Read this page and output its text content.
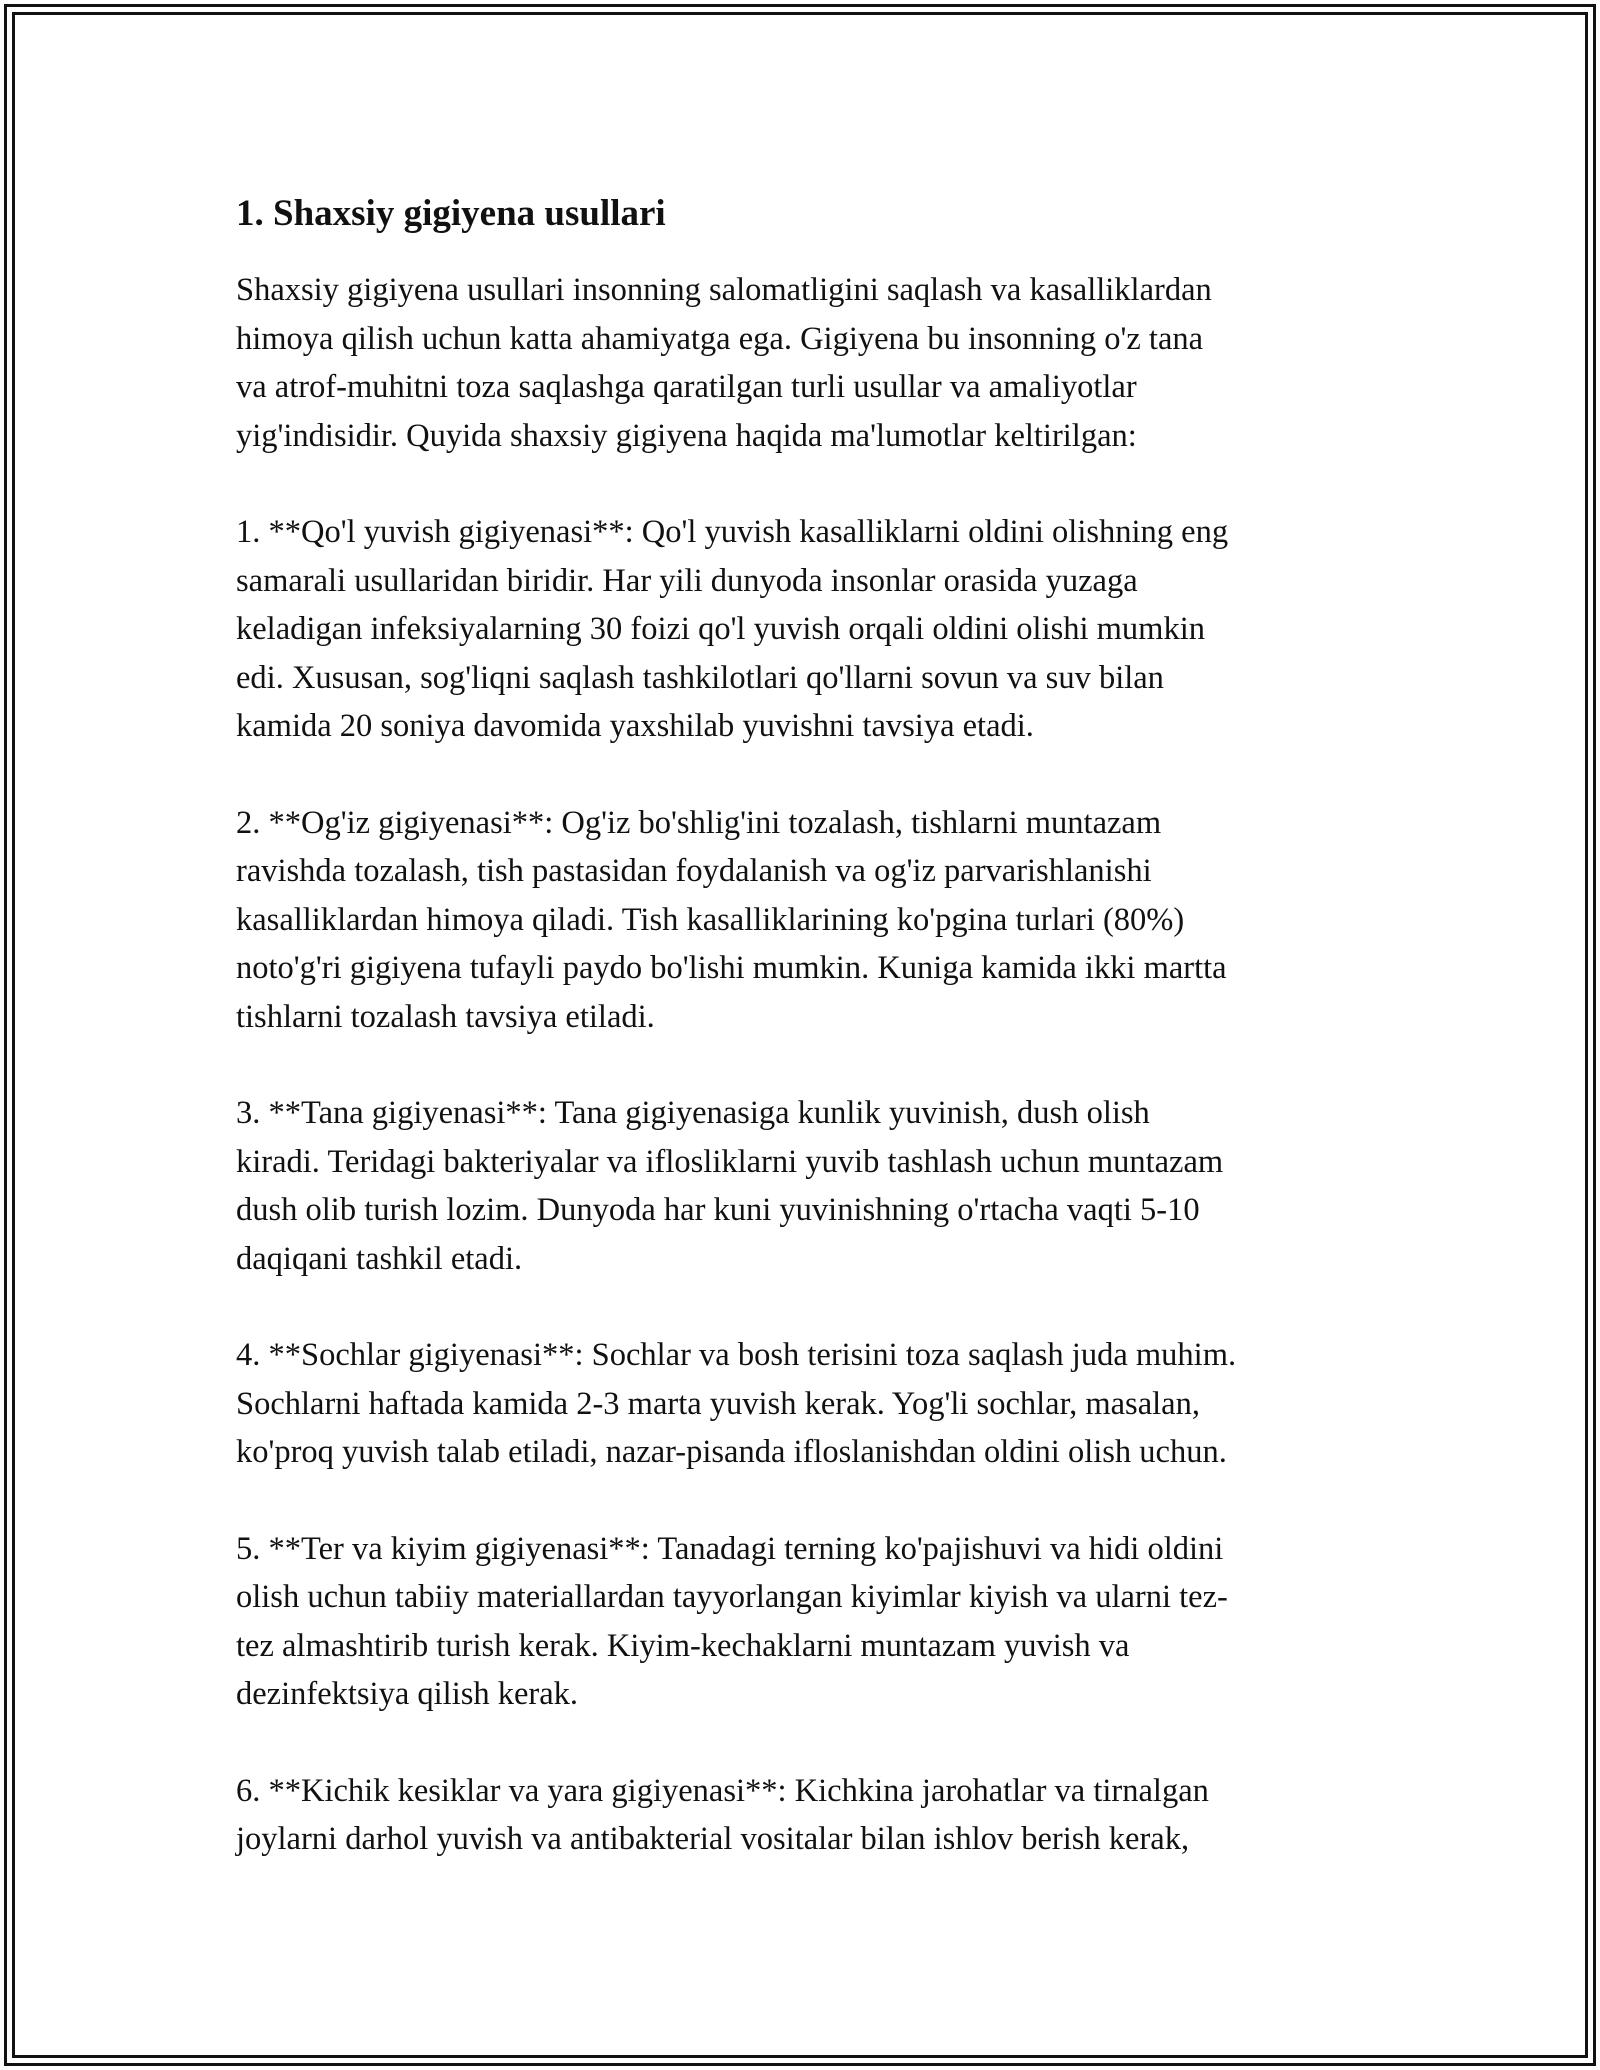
1. Shaxsiy gigiyena usullari

Shaxsiy gigiyena usullari insonning salomatligini saqlash va kasalliklardan
himoya qilish uchun katta ahamiyatga ega. Gigiyena bu insonning o'z tana
va atrof-muhitni toza saqlashga qaratilgan turli usullar va amaliyotlar
yig'indisidir. Quyida shaxsiy gigiyena haqida ma'lumotlar keltirilgan:

1. **Qo'l yuvish gigiyenasi**: Qo'l yuvish kasalliklarni oldini olishning eng
samarali usullaridan biridir. Har yili dunyoda insonlar orasida yuzaga
keladigan infeksiyalarning 30 foizi qo'l yuvish orqali oldini olishi mumkin
edi. Xususan, sog'liqni saqlash tashkilotlari qo'llarni sovun va suv bilan
kamida 20 soniya davomida yaxshilab yuvishni tavsiya etadi.

2. **Og'iz gigiyenasi**: Og'iz bo'shlig'ini tozalash, tishlarni muntazam
ravishda tozalash, tish pastasidan foydalanish va og'iz parvarishlanishi
kasalliklardan himoya qiladi. Tish kasalliklarining ko'pgina turlari (80%)
noto'g'ri gigiyena tufayli paydo bo'lishi mumkin. Kuniga kamida ikki martta
tishlarni tozalash tavsiya etiladi.

3. **Tana gigiyenasi**: Tana gigiyenasiga kunlik yuvinish, dush olish
kiradi. Teridagi bakteriyalar va iflosliklarni yuvib tashlash uchun muntazam
dush olib turish lozim. Dunyoda har kuni yuvinishning o'rtacha vaqti 5-10
daqiqani tashkil etadi.

4. **Sochlar gigiyenasi**: Sochlar va bosh terisini toza saqlash juda muhim.
Sochlarni haftada kamida 2-3 marta yuvish kerak. Yog'li sochlar, masalan,
ko'proq yuvish talab etiladi, nazar-pisanda ifloslanishdan oldini olish uchun.

5. **Ter va kiyim gigiyenasi**: Tanadagi terning ko'pajishuvi va hidi oldini
olish uchun tabiiy materiallardan tayyorlangan kiyimlar kiyish va ularni tez-
tez almashtirib turish kerak. Kiyim-kechaklarni muntazam yuvish va
dezinfektsiya qilish kerak.

6. **Kichik kesiklar va yara gigiyenasi**: Kichkina jarohatlar va tirnalgan
joylarni darhol yuvish va antibakterial vositalar bilan ishlov berish kerak,
